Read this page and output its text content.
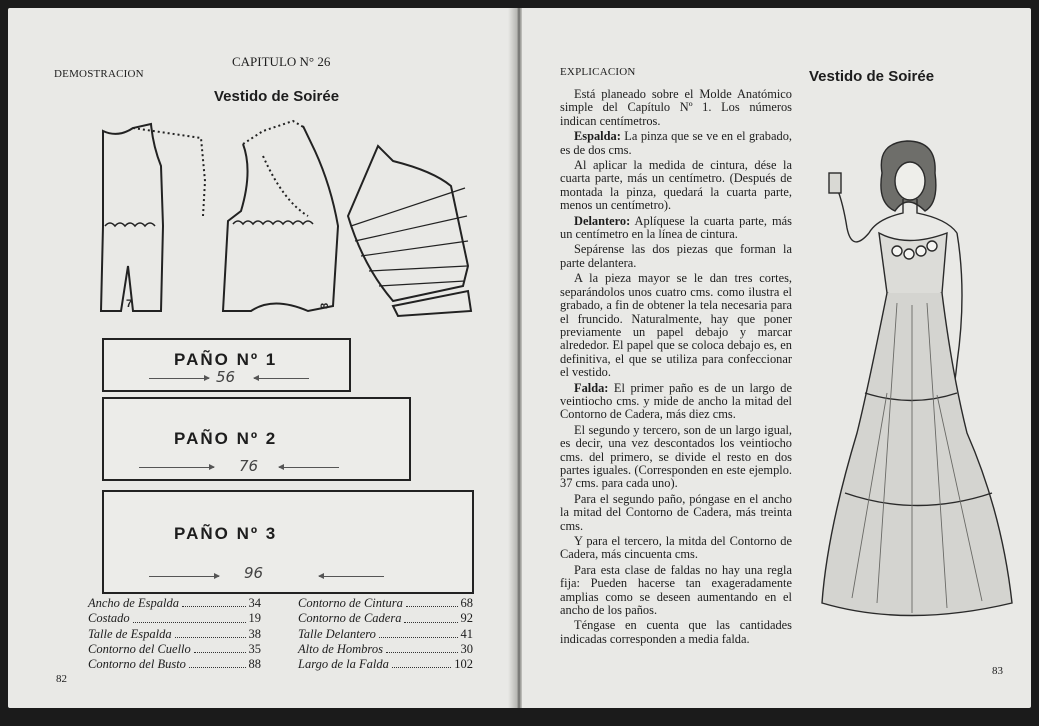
DEMOSTRACION
CAPITULO N° 26
Vestido de Soirée
7	8
PAÑO Nº 1
56
PAÑO Nº 2
76
PAÑO Nº 3
96
Ancho de Espalda	34
Costado	19
Talle de Espalda	38
Contorno del Cuello	35
Contorno del Busto	88
Contorno de Cintura	68
Contorno de Cadera	92
Talle Delantero	41
Alto de Hombros	30
Largo de la Falda	102
82
EXPLICACION	Vestido de Soirée

Está planeado sobre el Molde Anatómico simple del Capítulo Nº 1. Los números indican centímetros.

Espalda: La pinza que se ve en el grabado, es de dos cms.

Al aplicar la medida de cintura, dése la cuarta parte, más un centímetro. (Después de montada la pinza, quedará la cuarta parte, menos un centímetro).

Delantero: Aplíquese la cuarta parte, más un centímetro en la línea de cintura.

Sepárense las dos piezas que forman la parte delantera.

A la pieza mayor se le dan tres cortes, separándolos unos cuatro cms. como ilustra el grabado, a fin de obtener la tela necesaria para el fruncido. Naturalmente, hay que poner previamente un papel debajo y marcar alrededor. El papel que se coloca debajo es, en definitiva, el que se utiliza para confeccionar el vestido.

Falda: El primer paño es de un largo de veintiocho cms. y mide de ancho la mitad del Contorno de Cadera, más diez cms.

El segundo y tercero, son de un largo igual, es decir, una vez descontados los veintiocho cms. del primero, se divide el resto en dos partes iguales. (Corresponden en este ejemplo. 37 cms. para cada uno).

Para el segundo paño, póngase en el ancho la mitad del Contorno de Cadera, más treinta cms.

Y para el tercero, la mitda del Contorno de Cadera, más cincuenta cms.

Para esta clase de faldas no hay una regla fija: Pueden hacerse tan exageradamente amplias como se deseen aumentando en el ancho de los paños.

Téngase en cuenta que las cantidades indicadas corresponden a media falda.

83
